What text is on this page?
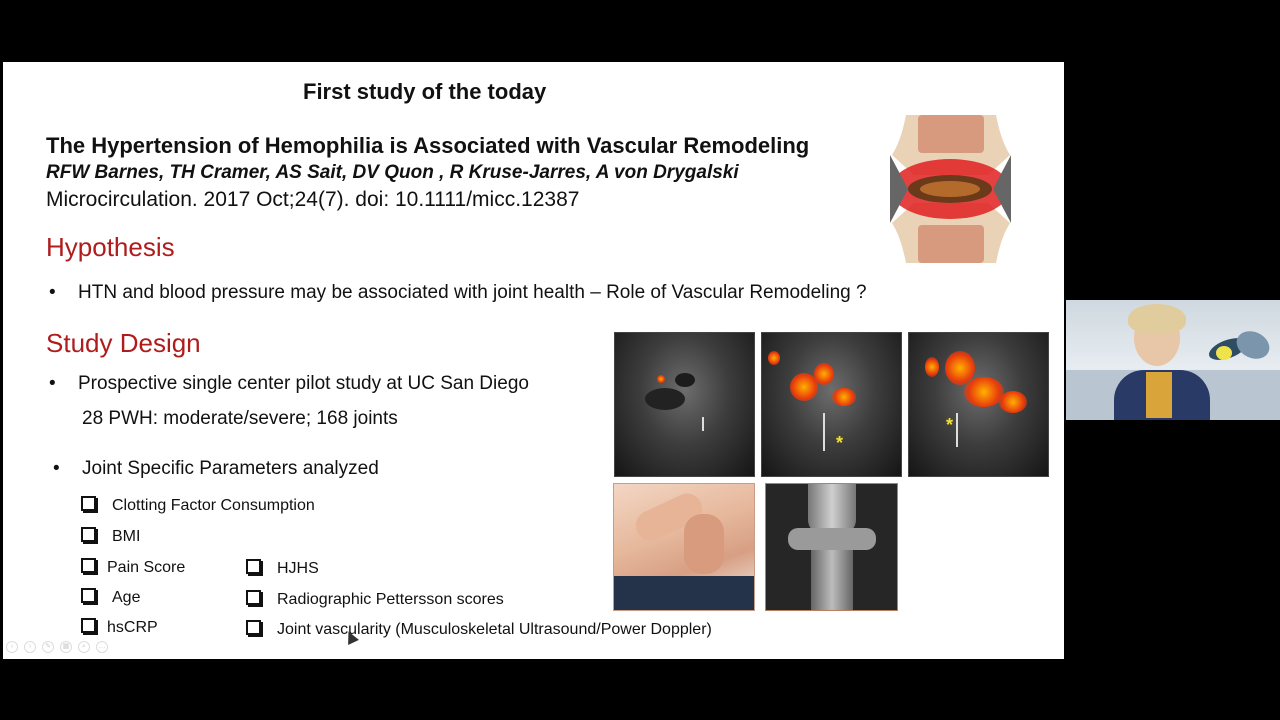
First study of the today
The Hypertension of Hemophilia is Associated with Vascular Remodeling
RFW Barnes, TH Cramer, AS Sait, DV Quon , R Kruse-Jarres, A von Drygalski
Microcirculation. 2017 Oct;24(7). doi: 10.1111/micc.12387
Hypothesis
• HTN and blood pressure may be associated with joint health – Role of Vascular Remodeling ?
Study Design
• Prospective single center pilot study at UC San Diego
28 PWH: moderate/severe; 168 joints
• Joint Specific Parameters analyzed
Clotting Factor Consumption
BMI
Pain Score
Age
hsCRP
HJHS
Radiographic Pettersson scores
Joint vascularity (Musculoskeletal Ultrasound/Power Doppler)
*
*
‹	›	✎	▦	⌕	…
